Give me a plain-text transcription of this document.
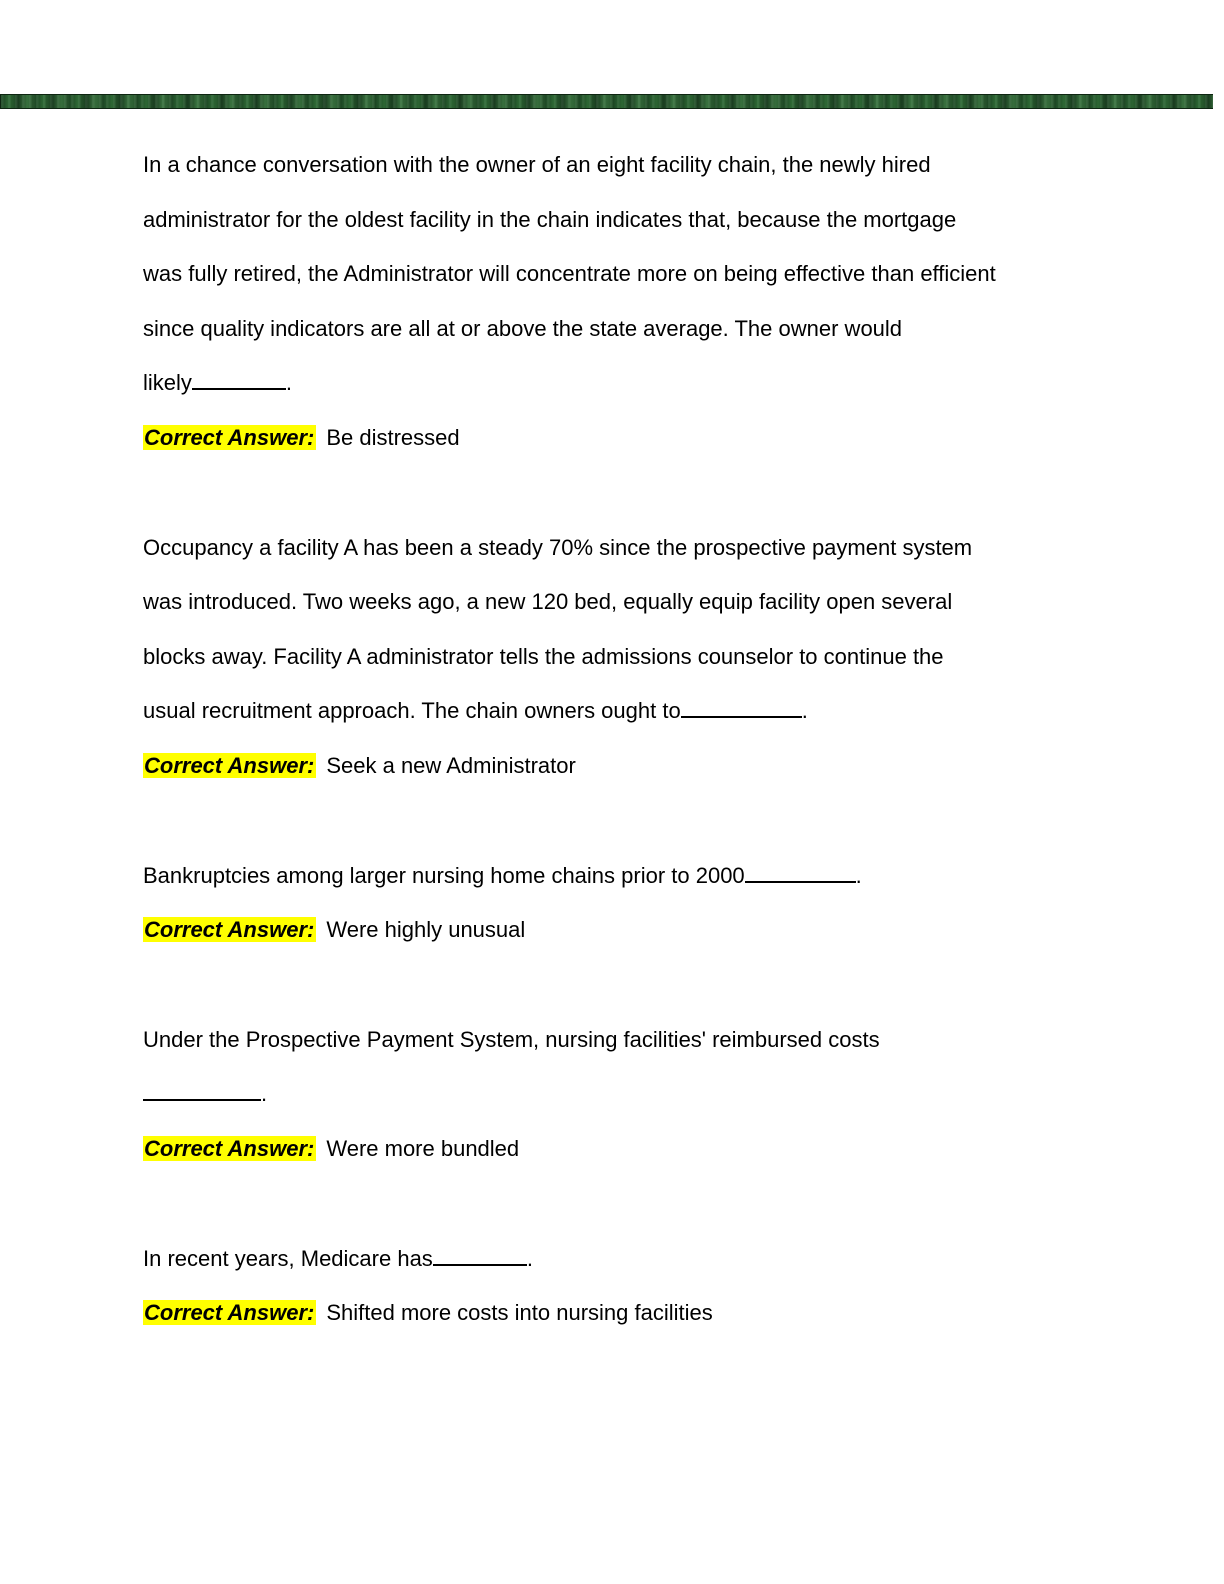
In a chance conversation with the owner of an eight facility chain, the newly hired
administrator for the oldest facility in the chain indicates that, because the mortgage
was fully retired, the Administrator will concentrate more on being effective than efficient
since quality indicators are all at or above the state average. The owner would
likely	.
Correct Answer: Be distressed
Occupancy a facility A has been a steady 70% since the prospective payment system
was introduced. Two weeks ago, a new 120 bed, equally equip facility open several
blocks away. Facility A administrator tells the admissions counselor to continue the
usual recruitment approach. The chain owners ought to	.
Correct Answer: Seek a new Administrator
Bankruptcies among larger nursing home chains prior to 2000	.
Correct Answer: Were highly unusual
Under the Prospective Payment System, nursing facilities' reimbursed costs
.
Correct Answer: Were more bundled
In recent years, Medicare has	.
Correct Answer: Shifted more costs into nursing facilities
